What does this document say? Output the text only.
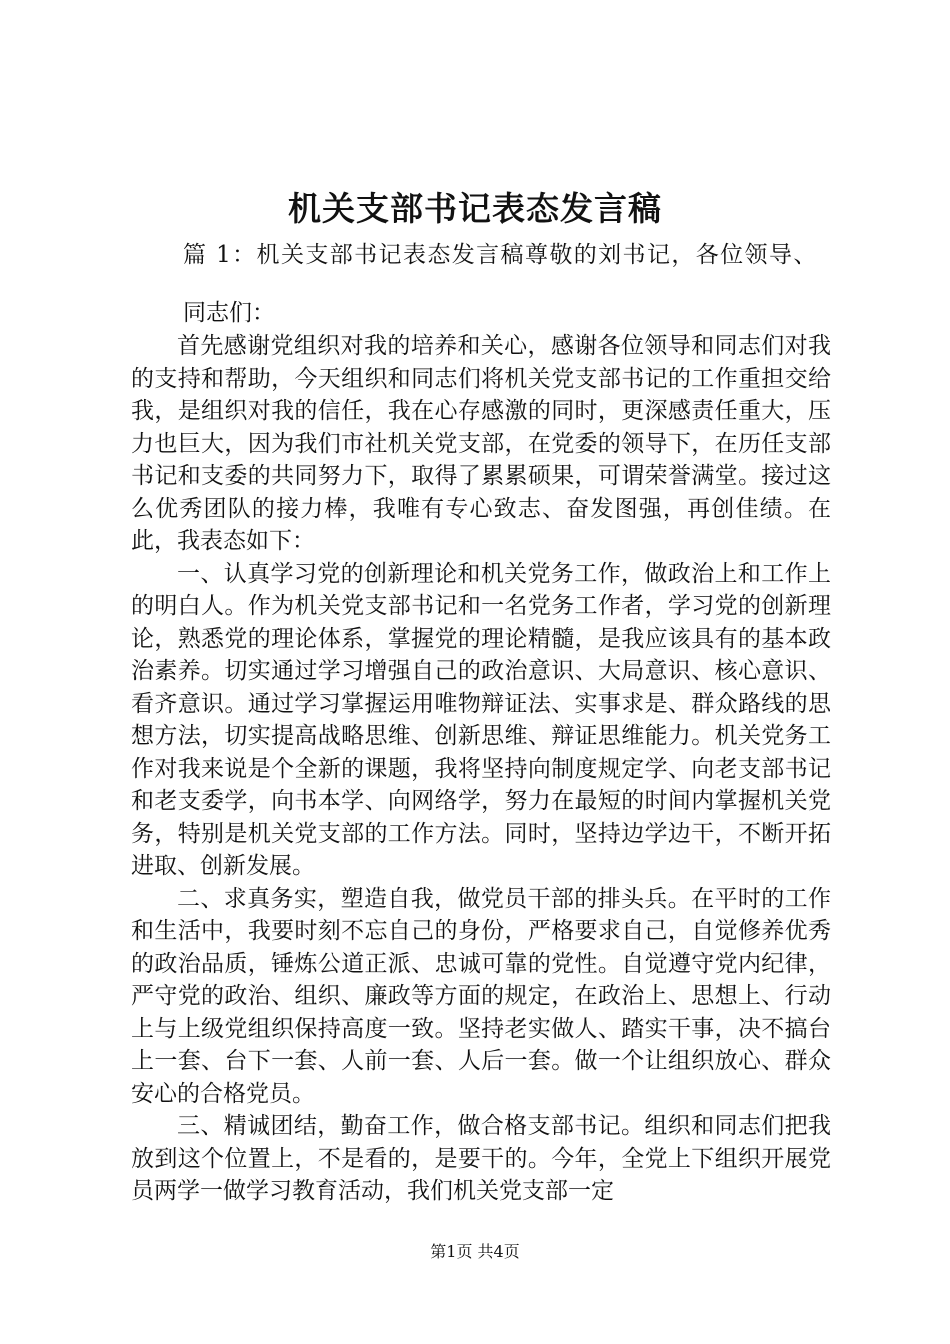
机关支部书记表态发言稿
篇 1：机关支部书记表态发言稿尊敬的刘书记，各位领导、
同志们：

首先感谢党组织对我的培养和关心，感谢各位领导和同志们对我的支持和帮助，今天组织和同志们将机关党支部书记的工作重担交给我，是组织对我的信任，我在心存感激的同时，更深感责任重大，压力也巨大，因为我们市社机关党支部，在党委的领导下，在历任支部书记和支委的共同努力下，取得了累累硕果，可谓荣誉满堂。接过这么优秀团队的接力棒，我唯有专心致志、奋发图强，再创佳绩。在此，我表态如下：

一、认真学习党的创新理论和机关党务工作，做政治上和工作上的明白人。作为机关党支部书记和一名党务工作者，学习党的创新理论，熟悉党的理论体系，掌握党的理论精髓，是我应该具有的基本政治素养。切实通过学习增强自己的政治意识、大局意识、核心意识、看齐意识。通过学习掌握运用唯物辩证法、实事求是、群众路线的思想方法，切实提高战略思维、创新思维、辩证思维能力。机关党务工作对我来说是个全新的课题，我将坚持向制度规定学、向老支部书记和老支委学，向书本学、向网络学，努力在最短的时间内掌握机关党务，特别是机关党支部的工作方法。同时，坚持边学边干，不断开拓进取、创新发展。

二、求真务实，塑造自我，做党员干部的排头兵。在平时的工作和生活中，我要时刻不忘自己的身份，严格要求自己，自觉修养优秀的政治品质，锤炼公道正派、忠诚可靠的党性。自觉遵守党内纪律，严守党的政治、组织、廉政等方面的规定，在政治上、思想上、行动上与上级党组织保持高度一致。坚持老实做人、踏实干事，决不搞台上一套、台下一套、人前一套、人后一套。做一个让组织放心、群众安心的合格党员。

三、精诚团结，勤奋工作，做合格支部书记。组织和同志们把我放到这个位置上，不是看的，是要干的。今年，全党上下组织开展党员两学一做学习教育活动，我们机关党支部一定

第1页 共4页
